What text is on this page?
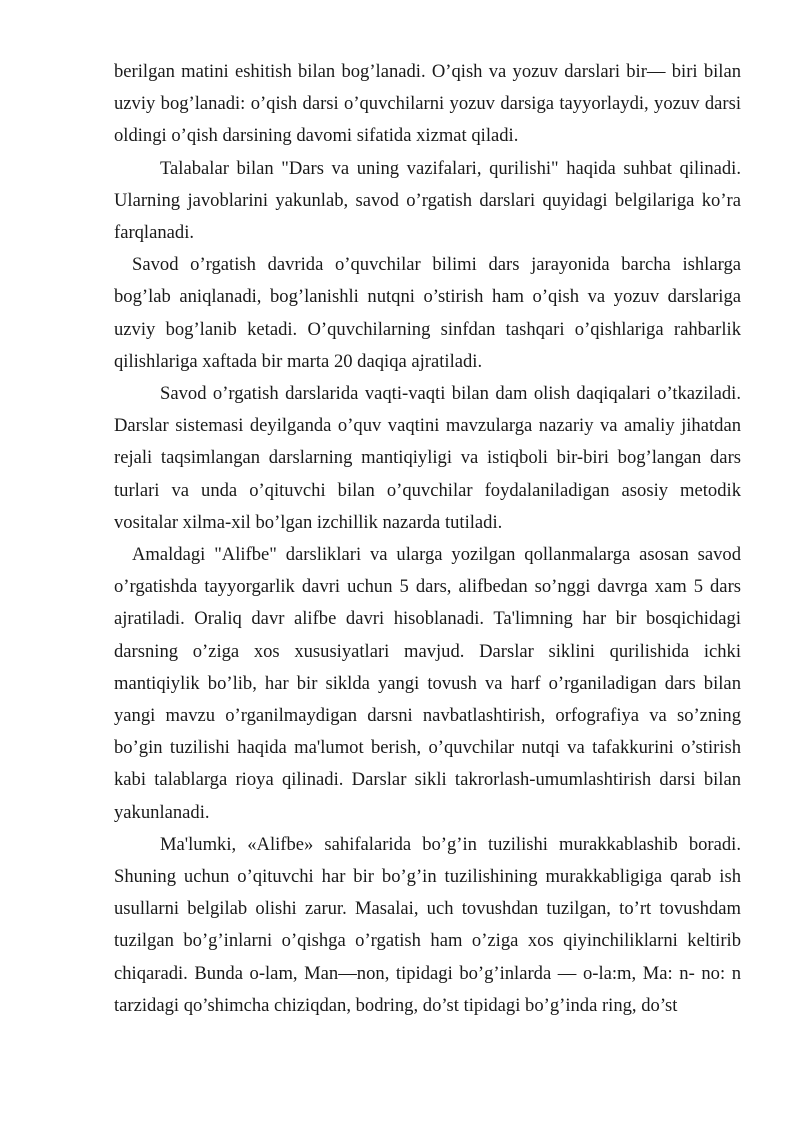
berilgan matini eshitish bilan bog’lanadi. O’qish va yozuv darslari bir— biri bilan uzviy bog’lanadi: o’qish darsi o’quvchilarni yozuv darsiga tayyorlaydi, yozuv darsi oldingi o’qish darsining davomi sifatida xizmat qiladi.

Talabalar bilan "Dars va uning vazifalari, qurilishi" haqida suhbat qilinadi. Ularning javoblarini yakunlab, savod o’rgatish darslari quyidagi belgilariga ko’ra farqlanadi.

Savod o’rgatish davrida o’quvchilar bilimi dars jarayonida barcha ishlarga bog’lab aniqlanadi, bog’lanishli nutqni o’stirish ham o’qish va yozuv darslariga uzviy bog’lanib ketadi. O’quvchilarning sinfdan tashqari o’qishlariga rahbarlik qilishlariga xaftada bir marta 20 daqiqa ajratiladi.

Savod o’rgatish darslarida vaqti-vaqti bilan dam olish daqiqalari o’tkaziladi. Darslar sistemasi deyilganda o’quv vaqtini mavzularga nazariy va amaliy jihatdan rejali taqsimlangan darslarning mantiqiyligi va istiqboli bir-biri bog’langan dars turlari va unda o’qituvchi bilan o’quvchilar foydalaniladigan asosiy metodik vositalar xilma-xil bo’lgan izchillik nazarda tutiladi.

Amaldagi "Alifbe" darsliklari va ularga yozilgan qollanmalarga asosan savod o’rgatishda tayyorgarlik davri uchun 5 dars, alifbedan so’nggi davrga xam 5 dars ajratiladi. Oraliq davr alifbe davri hisoblanadi. Ta'limning har bir bosqichidagi darsning o’ziga xos xususiyatlari mavjud. Darslar siklini qurilishida ichki mantiqiylik bo’lib, har bir siklda yangi tovush va harf o’rganiladigan dars bilan yangi mavzu o’rganilmaydigan darsni navbatlashtirish, orfografiya va so’zning bo’gin tuzilishi haqida ma'lumot berish, o’quvchilar nutqi va tafakkurini o’stirish kabi talablarga rioya qilinadi. Darslar sikli takrorlash-umumlashtirish darsi bilan yakunlanadi.

Ma'lumki, «Alifbe» sahifalarida bo’g’in tuzilishi murakkablashib boradi. Shuning uchun o’qituvchi har bir bo’g’in tuzilishining murakkabligiga qarab ish usullarni belgilab olishi zarur. Masalai, uch tovushdan tuzilgan, to’rt tovushdam tuzilgan bo’g’inlarni o’qishga o’rgatish ham o’ziga xos qiyinchiliklarni keltirib chiqaradi. Bunda o-lam, Man—non, tipidagi bo’g’inlarda — o-la:m, Ma: n- no: n tarzidagi qo’shimcha chiziqdan, bodring, do’st tipidagi bo’g’inda ring, do’st
